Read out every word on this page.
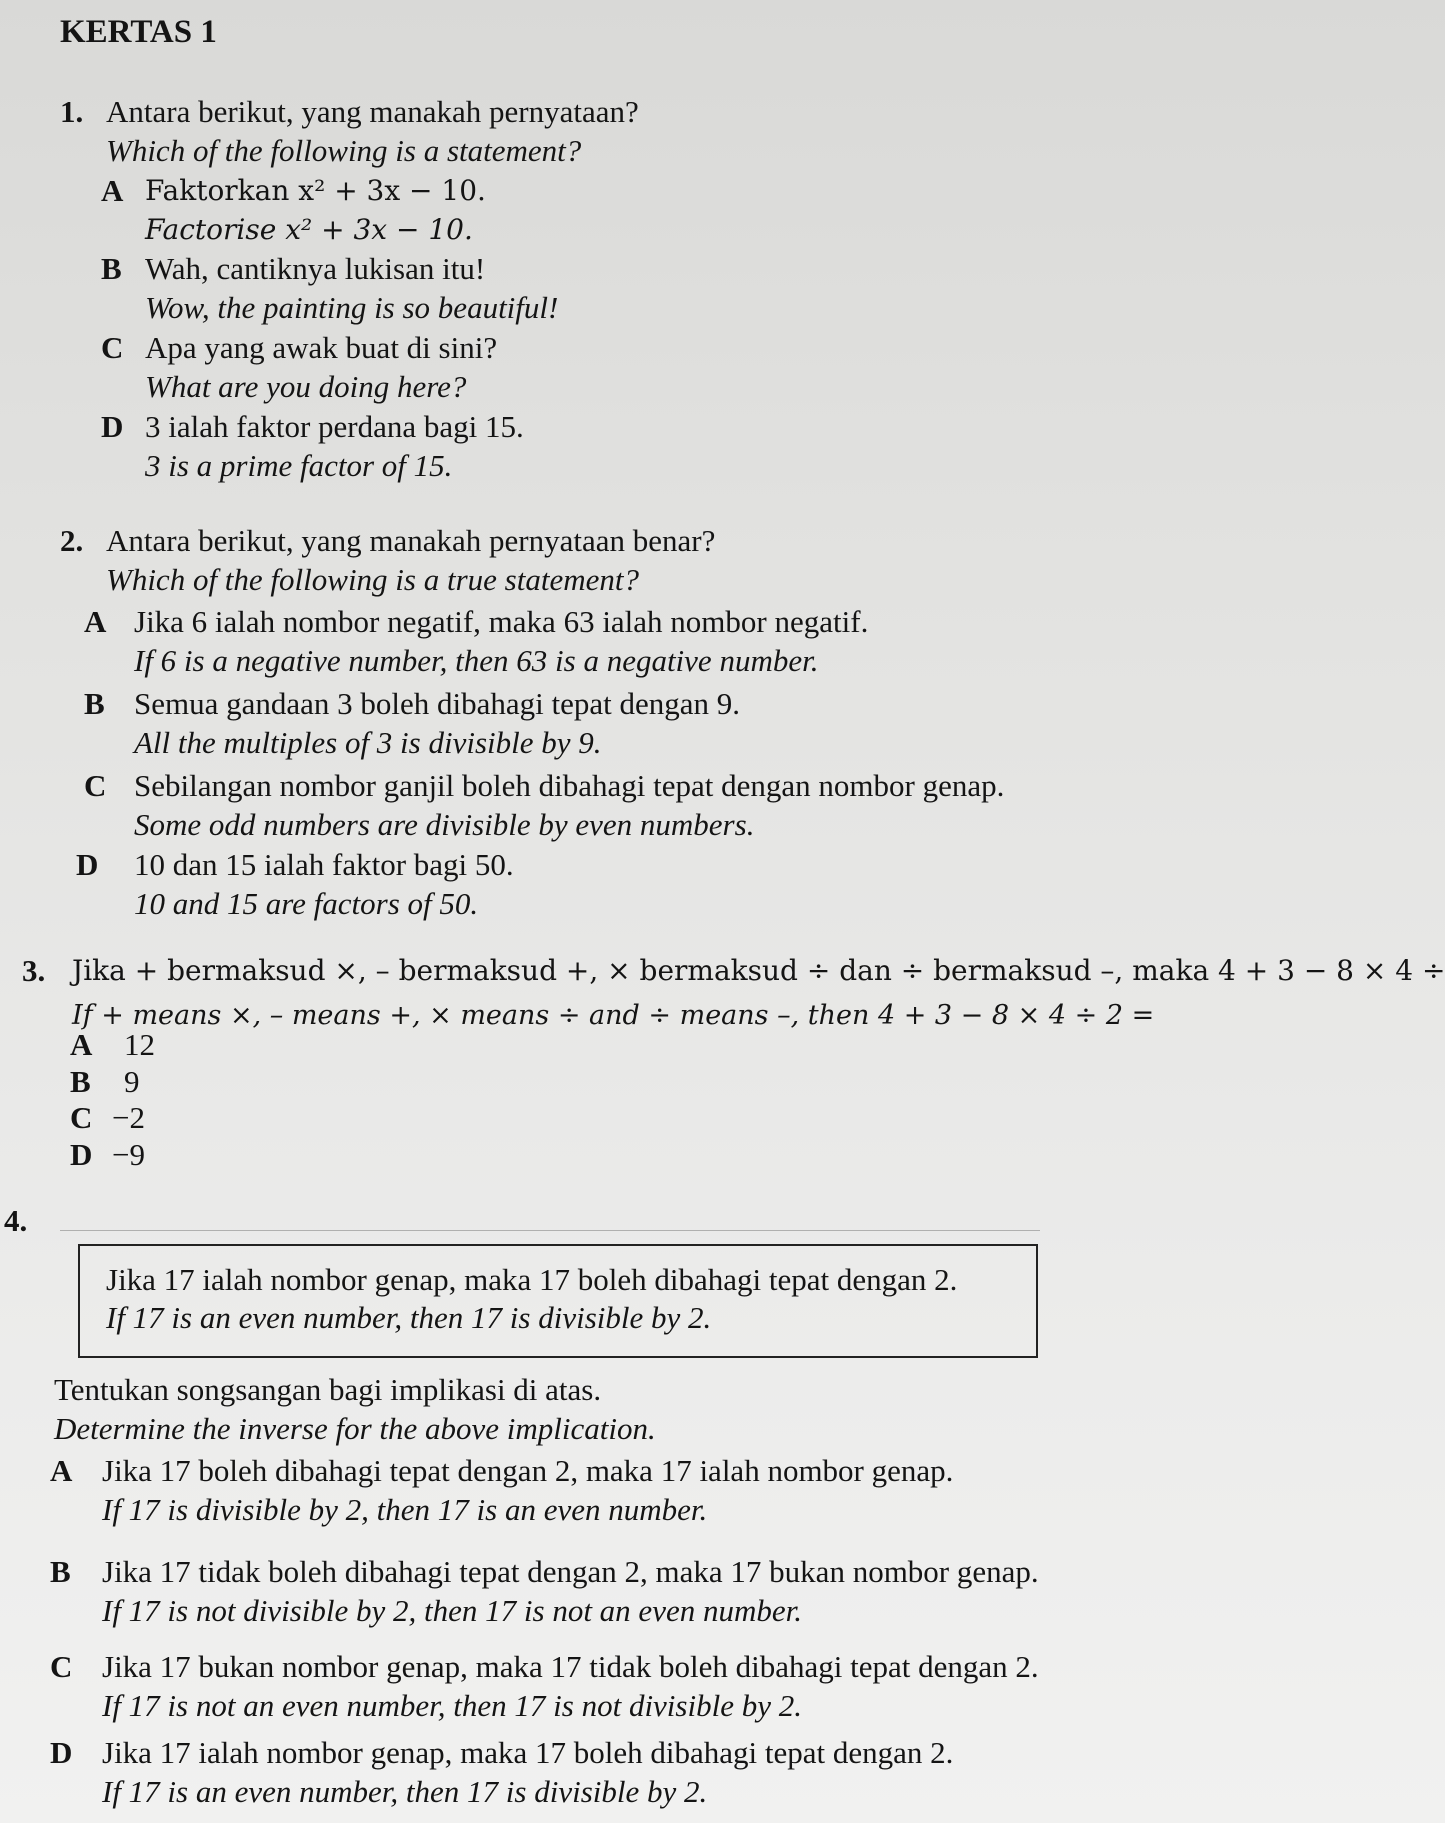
KERTAS 1
1. Antara berikut, yang manakah pernyataan?
Which of the following is a statement?
A Faktorkan x² + 3x − 10.
Factorise x² + 3x − 10.
B Wah, cantiknya lukisan itu!
Wow, the painting is so beautiful!
C Apa yang awak buat di sini?
What are you doing here?
D 3 ialah faktor perdana bagi 15.
3 is a prime factor of 15.
2. Antara berikut, yang manakah pernyataan benar?
Which of the following is a true statement?
A Jika 6 ialah nombor negatif, maka 63 ialah nombor negatif.
If 6 is a negative number, then 63 is a negative number.
B Semua gandaan 3 boleh dibahagi tepat dengan 9.
All the multiples of 3 is divisible by 9.
C Sebilangan nombor ganjil boleh dibahagi tepat dengan nombor genap.
Some odd numbers are divisible by even numbers.
D 10 dan 15 ialah faktor bagi 50.
10 and 15 are factors of 50.
3. Jika + bermaksud ×, – bermaksud +, × bermaksud ÷ dan ÷ bermaksud –, maka 4 + 3 − 8 × 4 ÷
If + means ×, – means +, × means ÷ and ÷ means –, then 4 + 3 − 8 × 4 ÷ 2 =
A 12
B 9
C −2
D −9
4.
Jika 17 ialah nombor genap, maka 17 boleh dibahagi tepat dengan 2.
If 17 is an even number, then 17 is divisible by 2.
Tentukan songsangan bagi implikasi di atas.
Determine the inverse for the above implication.
A Jika 17 boleh dibahagi tepat dengan 2, maka 17 ialah nombor genap.
If 17 is divisible by 2, then 17 is an even number.
B Jika 17 tidak boleh dibahagi tepat dengan 2, maka 17 bukan nombor genap.
If 17 is not divisible by 2, then 17 is not an even number.
C Jika 17 bukan nombor genap, maka 17 tidak boleh dibahagi tepat dengan 2.
If 17 is not an even number, then 17 is not divisible by 2.
D Jika 17 ialah nombor genap, maka 17 boleh dibahagi tepat dengan 2.
If 17 is an even number, then 17 is divisible by 2.
